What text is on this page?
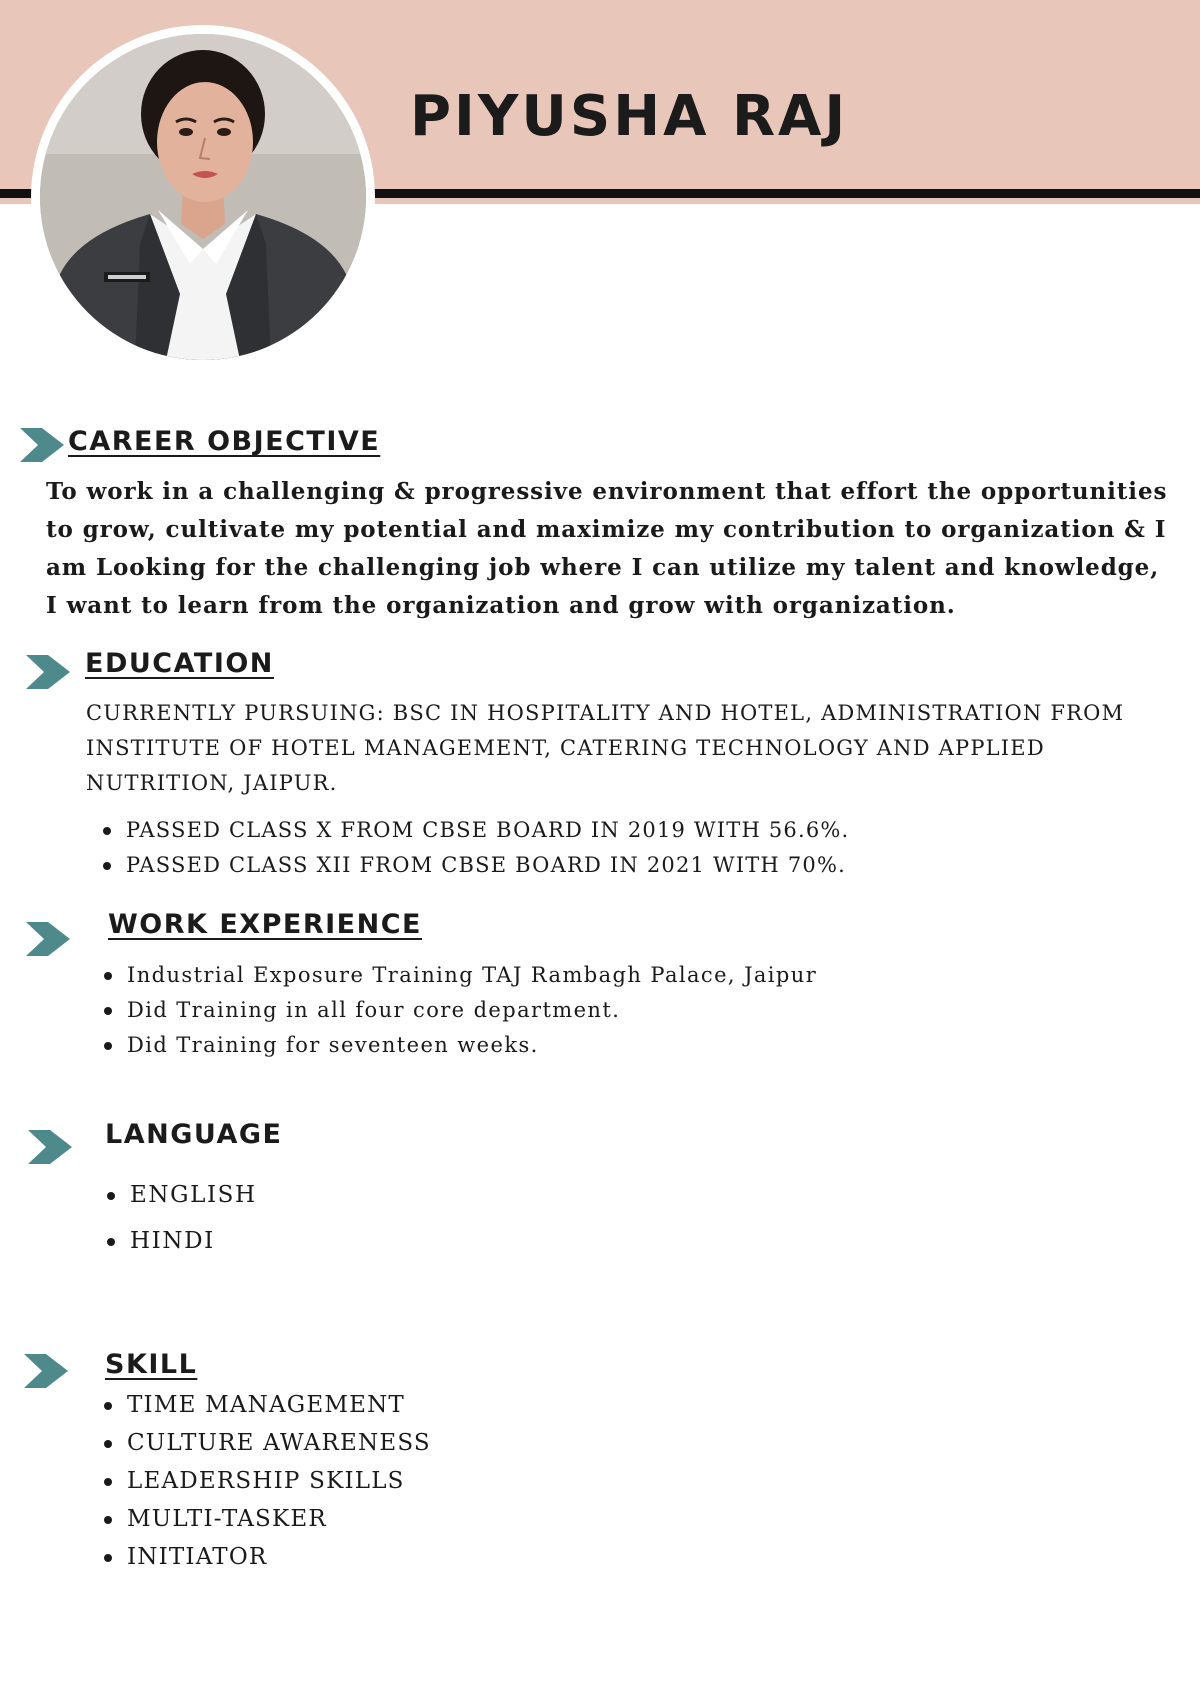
PIYUSHA RAJ
CAREER OBJECTIVE

To work in a challenging & progressive environment that effort the opportunities to grow, cultivate my potential and maximize my contribution to organization & I am Looking for the challenging job where I can utilize my talent and knowledge, I want to learn from the organization and grow with organization.

EDUCATION

CURRENTLY PURSUING: BSC IN HOSPITALITY AND HOTEL, ADMINISTRATION FROM INSTITUTE OF HOTEL MANAGEMENT, CATERING TECHNOLOGY AND APPLIED NUTRITION, JAIPUR.

PASSED CLASS X FROM CBSE BOARD IN 2019 WITH 56.6%.
PASSED CLASS XII FROM CBSE BOARD IN 2021 WITH 70%.
WORK EXPERIENCE
Industrial Exposure Training TAJ Rambagh Palace, Jaipur
Did Training in all four core department.
Did Training for seventeen weeks.
LANGUAGE
ENGLISH
HINDI
SKILL
TIME MANAGEMENT
CULTURE AWARENESS
LEADERSHIP SKILLS
MULTI-TASKER
INITIATOR
